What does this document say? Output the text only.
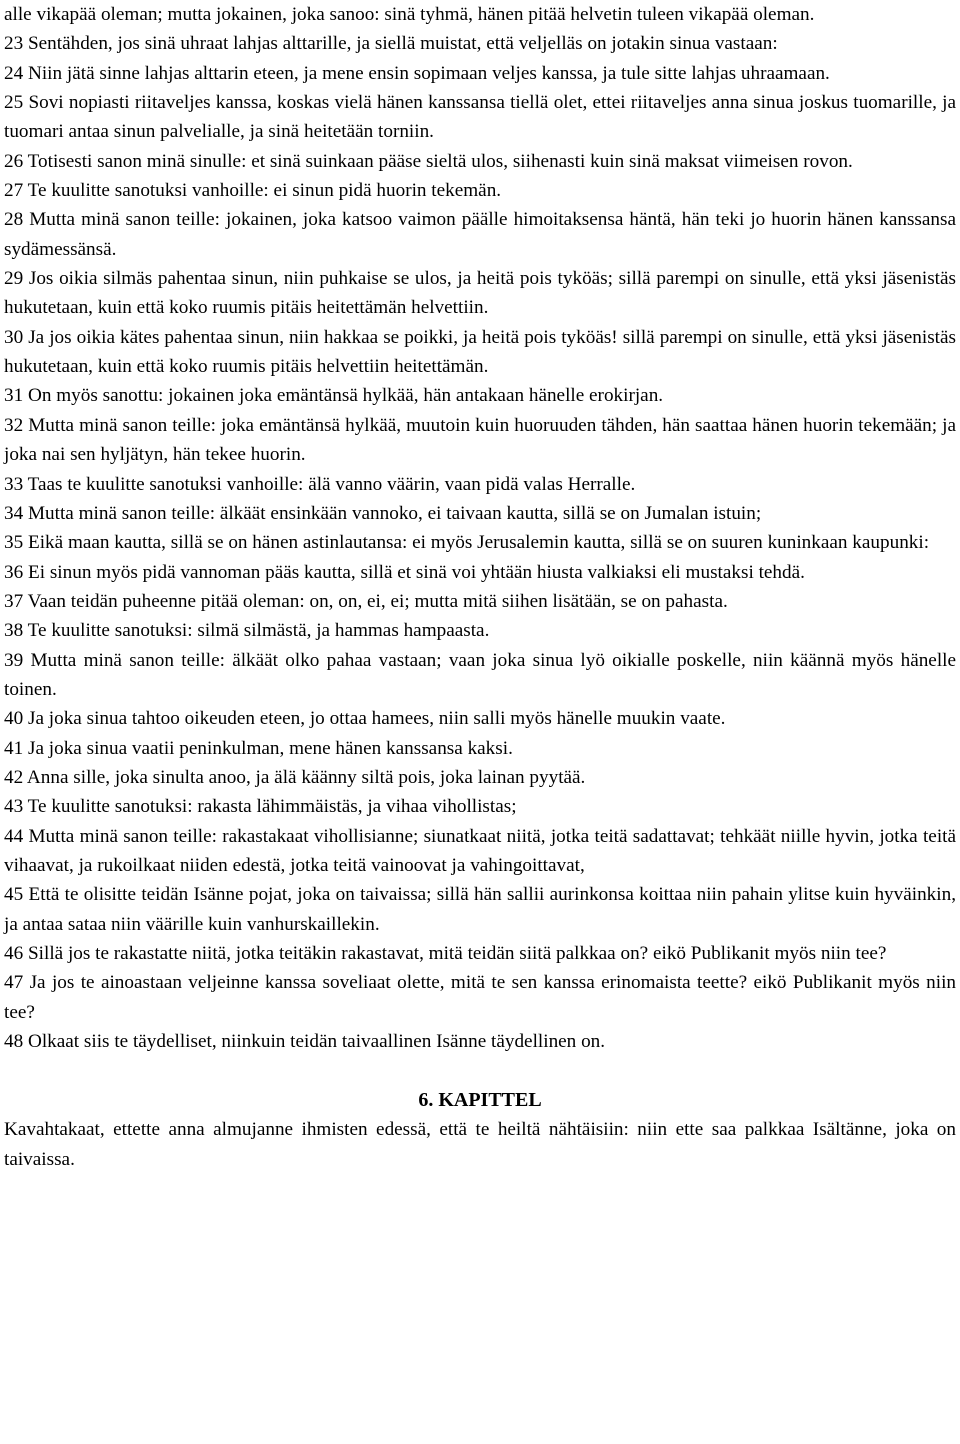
alle vikapää oleman; mutta jokainen, joka sanoo: sinä tyhmä, hänen pitää helvetin tuleen vikapää oleman.

23 Sentähden, jos sinä uhraat lahjas alttarille, ja siellä muistat, että veljelläs on jotakin sinua vastaan:

24 Niin jätä sinne lahjas alttarin eteen, ja mene ensin sopimaan veljes kanssa, ja tule sitte lahjas uhraamaan.

25 Sovi nopiasti riitaveljes kanssa, koskas vielä hänen kanssansa tiellä olet, ettei riitaveljes anna sinua joskus tuomarille, ja tuomari antaa sinun palvelialle, ja sinä heitetään torniin.

26 Totisesti sanon minä sinulle: et sinä suinkaan pääse sieltä ulos, siihenasti kuin sinä maksat viimeisen rovon.

27 Te kuulitte sanotuksi vanhoille: ei sinun pidä huorin tekemän.

28 Mutta minä sanon teille: jokainen, joka katsoo vaimon päälle himoitaksensa häntä, hän teki jo huorin hänen kanssansa sydämessänsä.

29 Jos oikia silmäs pahentaa sinun, niin puhkaise se ulos, ja heitä pois tyköäs; sillä parempi on sinulle, että yksi jäsenistäs hukutetaan, kuin että koko ruumis pitäis heitettämän helvettiin.

30 Ja jos oikia kätes pahentaa sinun, niin hakkaa se poikki, ja heitä pois tyköäs! sillä parempi on sinulle, että yksi jäsenistäs hukutetaan, kuin että koko ruumis pitäis helvettiin heitettämän.

31 On myös sanottu: jokainen joka emäntänsä hylkää, hän antakaan hänelle erokirjan.

32 Mutta minä sanon teille: joka emäntänsä hylkää, muutoin kuin huoruuden tähden, hän saattaa hänen huorin tekemään; ja joka nai sen hyljätyn, hän tekee huorin.

33 Taas te kuulitte sanotuksi vanhoille: älä vanno väärin, vaan pidä valas Herralle.

34 Mutta minä sanon teille: älkäät ensinkään vannoko, ei taivaan kautta, sillä se on Jumalan istuin;

35 Eikä maan kautta, sillä se on hänen astinlautansa: ei myös Jerusalemin kautta, sillä se on suuren kuninkaan kaupunki:

36 Ei sinun myös pidä vannoman pääs kautta, sillä et sinä voi yhtään hiusta valkiaksi eli mustaksi tehdä.

37 Vaan teidän puheenne pitää oleman: on, on, ei, ei; mutta mitä siihen lisätään, se on pahasta.

38 Te kuulitte sanotuksi: silmä silmästä, ja hammas hampaasta.

39 Mutta minä sanon teille: älkäät olko pahaa vastaan; vaan joka sinua lyö oikialle poskelle, niin käännä myös hänelle toinen.

40 Ja joka sinua tahtoo oikeuden eteen, jo ottaa hamees, niin salli myös hänelle muukin vaate.

41 Ja joka sinua vaatii peninkulman, mene hänen kanssansa kaksi.

42 Anna sille, joka sinulta anoo, ja älä käänny siltä pois, joka lainan pyytää.

43 Te kuulitte sanotuksi: rakasta lähimmäistäs, ja vihaa vihollistas;

44 Mutta minä sanon teille: rakastakaat vihollisianne; siunatkaat niitä, jotka teitä sadattavat; tehkäät niille hyvin, jotka teitä vihaavat, ja rukoilkaat niiden edestä, jotka teitä vainoovat ja vahingoittavat,

45 Että te olisitte teidän Isänne pojat, joka on taivaissa; sillä hän sallii aurinkonsa koittaa niin pahain ylitse kuin hyväinkin, ja antaa sataa niin väärille kuin vanhurskaillekin.

46 Sillä jos te rakastatte niitä, jotka teitäkin rakastavat, mitä teidän siitä palkkaa on? eikö Publikanit myös niin tee?

47 Ja jos te ainoastaan veljeinne kanssa soveliaat olette, mitä te sen kanssa erinomaista teette? eikö Publikanit myös niin tee?

48 Olkaat siis te täydelliset, niinkuin teidän taivaallinen Isänne täydellinen on.

6. KAPITTEL

Kavahtakaat, ettette anna almujanne ihmisten edessä, että te heiltä nähtäisiin: niin ette saa palkkaa Isältänne, joka on taivaissa.
